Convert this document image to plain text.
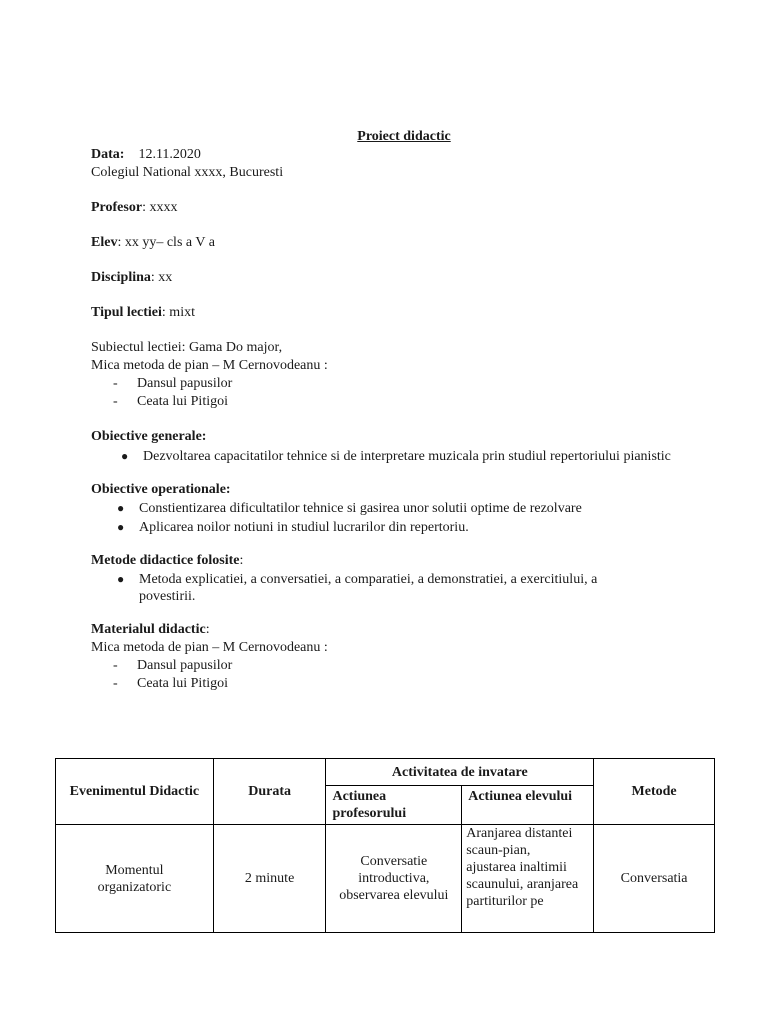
Proiect didactic
Data: 12.11.2020
Colegiul National xxxx, Bucuresti
Profesor: xxxx
Elev: xx yy– cls a V a
Disciplina: xx
Tipul lectiei: mixt
Subiectul lectiei: Gama Do major,
Mica metoda de pian – M Cernovodeanu :
-	Dansul papusilor
-	Ceata lui Pitigoi
Obiective generale:
●	Dezvoltarea capacitatilor tehnice si de interpretare muzicala prin studiul repertoriului pianistic
Obiective operationale:
●	Constientizarea dificultatilor tehnice si gasirea unor solutii optime de rezolvare
●	Aplicarea noilor notiuni in studiul lucrarilor din repertoriu.
Metode didactice folosite:
●	Metoda explicatiei, a conversatiei, a comparatiei, a demonstratiei, a exercitiului, a povestirii.
Materialul didactic:
Mica metoda de pian – M Cernovodeanu :
-	Dansul papusilor
-	Ceata lui Pitigoi
Evenimentul Didactic	Durata	Activitatea de invatare		Metode
		Actiunea profesorului	Actiunea elevului	

Momentul organizatoric	2 minute	Conversatie introductiva, observarea elevului	Aranjarea distantei scaun-pian, ajustarea inaltimii scaunului, aranjarea partiturilor pe	Conversatia
